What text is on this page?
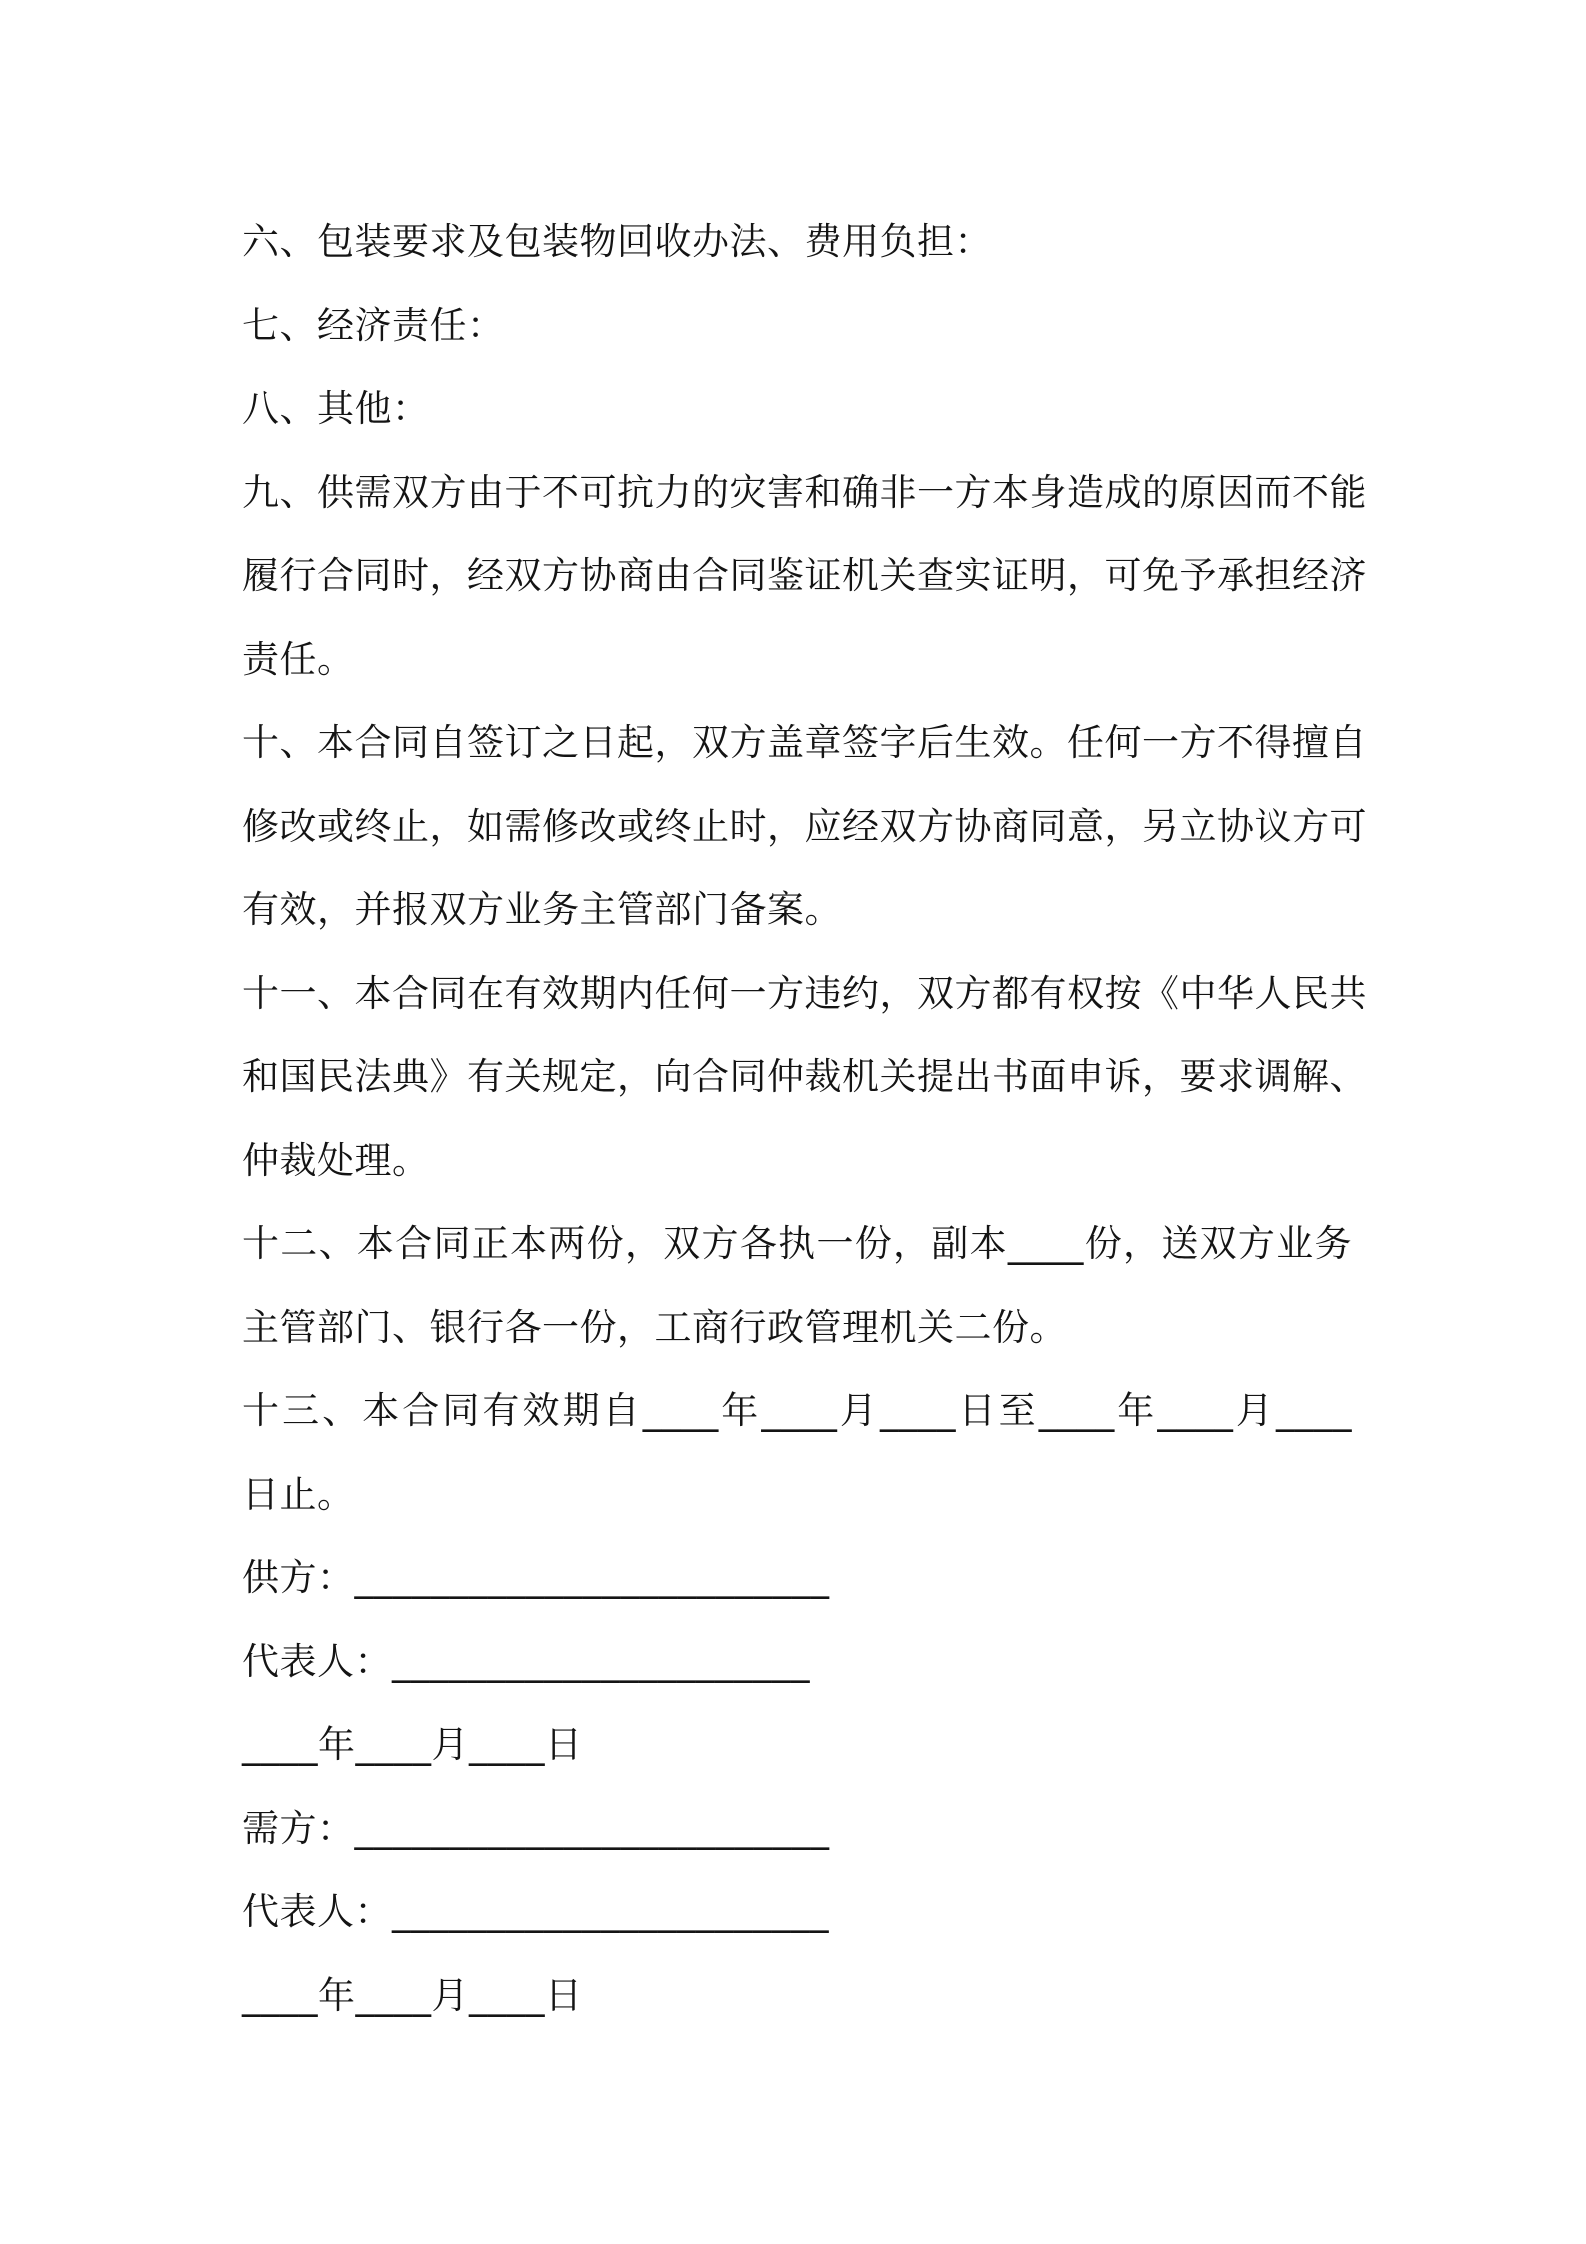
六、包装要求及包装物回收办法、费用负担：
七、经济责任：
八、其他：
九、供需双方由于不可抗力的灾害和确非一方本身造成的原因而不能
履行合同时，经双方协商由合同鉴证机关查实证明，可免予承担经济
责任。
十、本合同自签订之日起，双方盖章签字后生效。任何一方不得擅自
修改或终止，如需修改或终止时，应经双方协商同意，另立协议方可
有效，并报双方业务主管部门备案。
十一、本合同在有效期内任何一方违约，双方都有权按《中华人民共
和国民法典》有关规定，向合同仲裁机关提出书面申诉，要求调解、
仲裁处理。
十二、本合同正本两份，双方各执一份，副本____份，送双方业务
主管部门、银行各一份，工商行政管理机关二份。
十三、本合同有效期自____年____月____日至____年____月____
日止。
供方：_________________________
代表人：______________________
____年____月____日
需方：_________________________
代表人：_______________________
____年____月____日
